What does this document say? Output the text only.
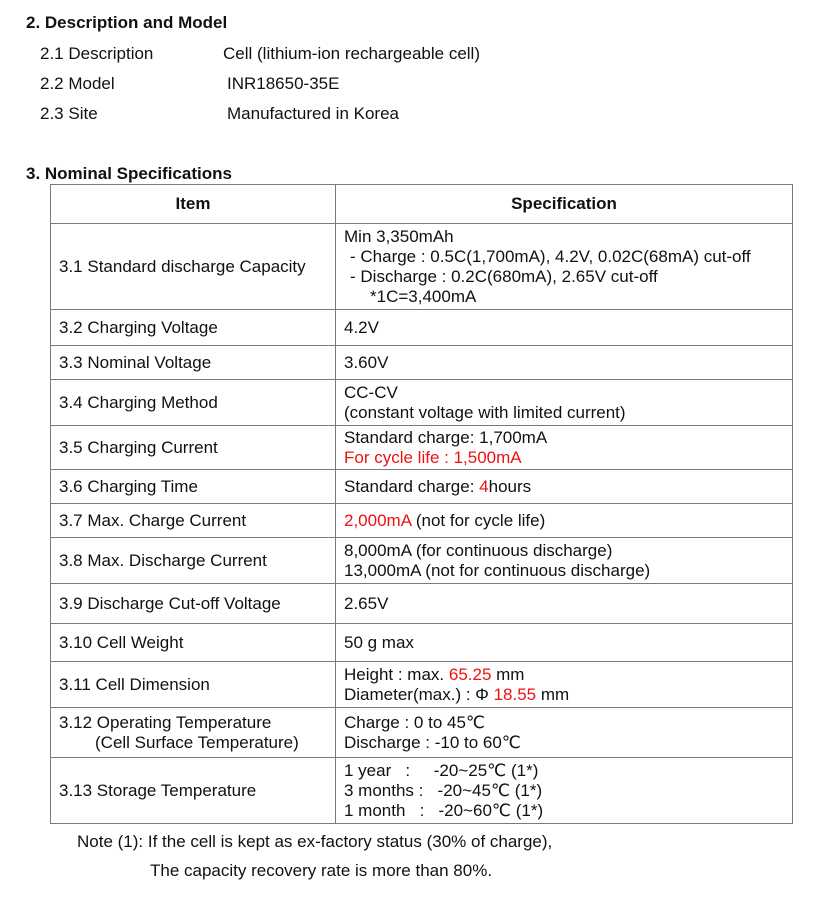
2. Description and Model
2.1 Description	Cell (lithium-ion rechargeable cell)
2.2 Model	INR18650-35E
2.3 Site	Manufactured in Korea
3. Nominal Specifications
Item	Specification
3.1 Standard discharge Capacity	Min 3,350mAh
- Charge : 0.5C(1,700mA), 4.2V, 0.02C(68mA) cut-off
- Discharge : 0.2C(680mA), 2.65V cut-off
*1C=3,400mA

3.2 Charging Voltage	4.2V
3.3 Nominal Voltage	3.60V
3.4 Charging Method	CC-CV
(constant voltage with limited current)

3.5 Charging Current	Standard charge: 1,700mA
For cycle life : 1,500mA

3.6 Charging Time	Standard charge: 4hours
3.7 Max. Charge Current	2,000mA (not for cycle life)
3.8 Max. Discharge Current	8,000mA (for continuous discharge)
13,000mA (not for continuous discharge)

3.9 Discharge Cut-off Voltage	2.65V
3.10 Cell Weight	50 g max
3.11 Cell Dimension	Height : max. 65.25 mm
Diameter(max.) : Φ 18.55 mm

3.12 Operating Temperature
(Cell Surface Temperature)	Charge : 0 to 45℃
Discharge : -10 to 60℃

3.13 Storage Temperature	1 year   :     -20~25℃ (1*)
3 months :   -20~45℃ (1*)
1 month   :   -20~60℃ (1*)
Note (1): If the cell is kept as ex-factory status (30% of charge),
The capacity recovery rate is more than 80%.
